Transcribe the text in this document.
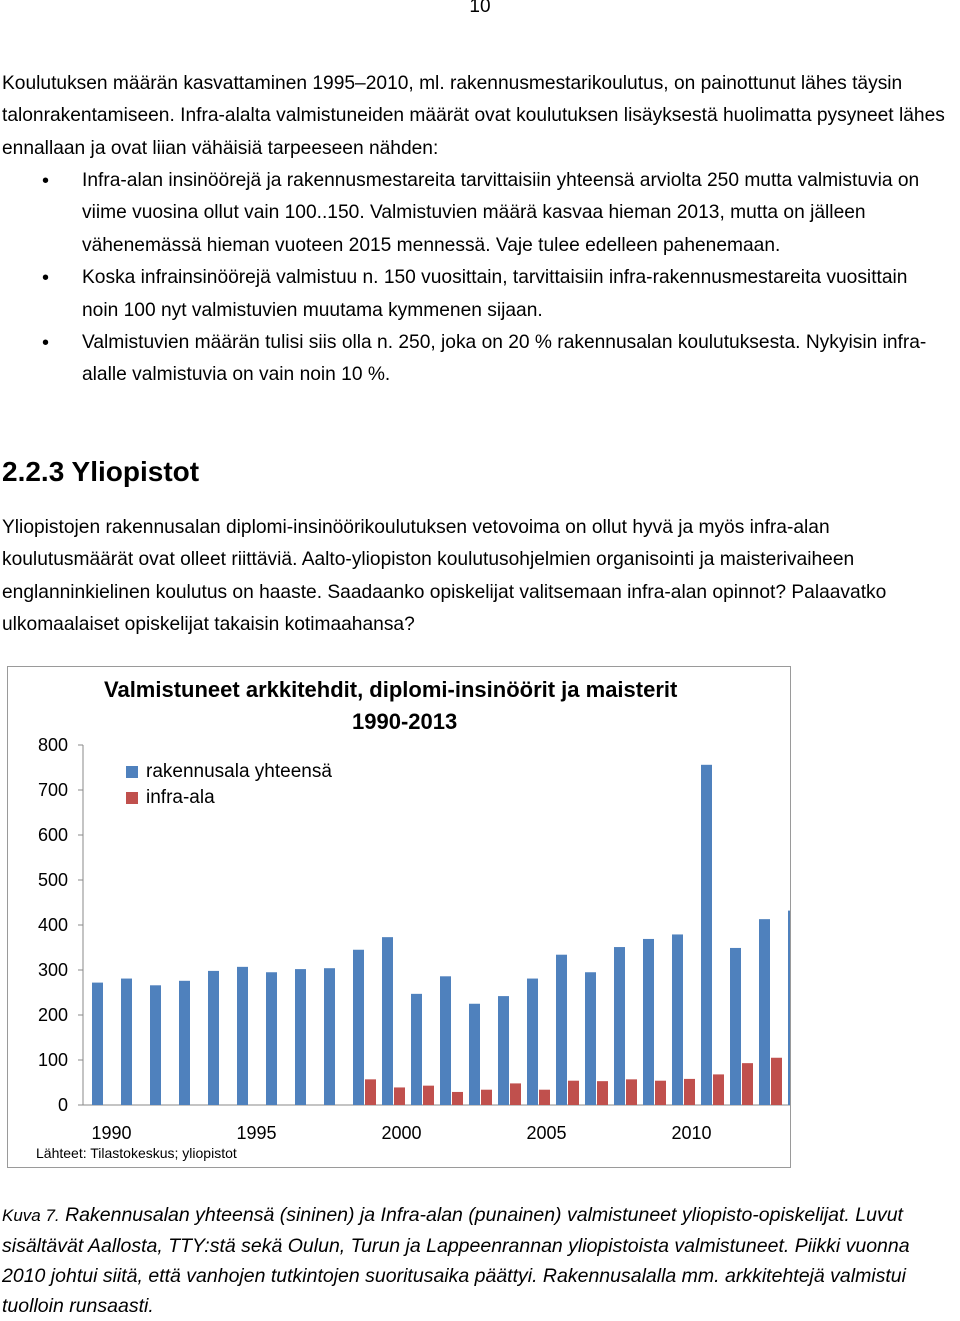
10
Koulutuksen määrän kasvattaminen 1995–2010, ml. rakennusmestarikoulutus, on painottunut lähes täysin talonrakentamiseen. Infra-alalta valmistuneiden määrät ovat koulutuksen lisäyksestä huolimatta pysyneet lähes ennallaan ja ovat liian vähäisiä tarpeeseen nähden:
• Infra-alan insinöörejä ja rakennusmestareita tarvittaisiin yhteensä arviolta 250 mutta valmistuvia on viime vuosina ollut vain 100..150. Valmistuvien määrä kasvaa hieman 2013, mutta on jälleen vähenemässä hieman vuoteen 2015 mennessä. Vaje tulee edelleen pahenemaan.
• Koska infrainsinöörejä valmistuu n. 150 vuosittain, tarvittaisiin infra-rakennusmestareita vuosittain noin 100 nyt valmistuvien muutama kymmenen sijaan.
• Valmistuvien määrän tulisi siis olla n. 250, joka on 20 % rakennusalan koulutuksesta. Nykyisin infra-alalle valmistuvia on vain noin 10 %.
2.2.3 Yliopistot
Yliopistojen rakennusalan diplomi-insinöörikoulutuksen vetovoima on ollut hyvä ja myös infra-alan koulutusmäärät ovat olleet riittäviä. Aalto-yliopiston koulutusohjelmien organisointi ja maisterivaiheen englanninkielinen koulutus on haaste. Saadaanko opiskelijat valitsemaan infra-alan opinnot? Palaavatko ulkomaalaiset opiskelijat takaisin kotimaahansa?
0
100
200
300
400
500
600
700
800
1990	1995	2000	2005	2010
Valmistuneet arkkitehdit, diplomi-insinöörit ja maisterit
1990-2013
rakennusala yhteensä
infra-ala
Lähteet: Tilastokeskus; yliopistot
Kuva 7. Rakennusalan yhteensä (sininen) ja Infra-alan (punainen) valmistuneet yliopisto-opiskelijat. Luvut sisältävät Aallosta, TTY:stä sekä Oulun, Turun ja Lappeenrannan yliopistoista valmistuneet. Piikki vuonna 2010 johtui siitä, että vanhojen tutkintojen suoritusaika päättyi. Rakennusalalla mm. arkkitehtejä valmistui tuolloin runsaasti.
